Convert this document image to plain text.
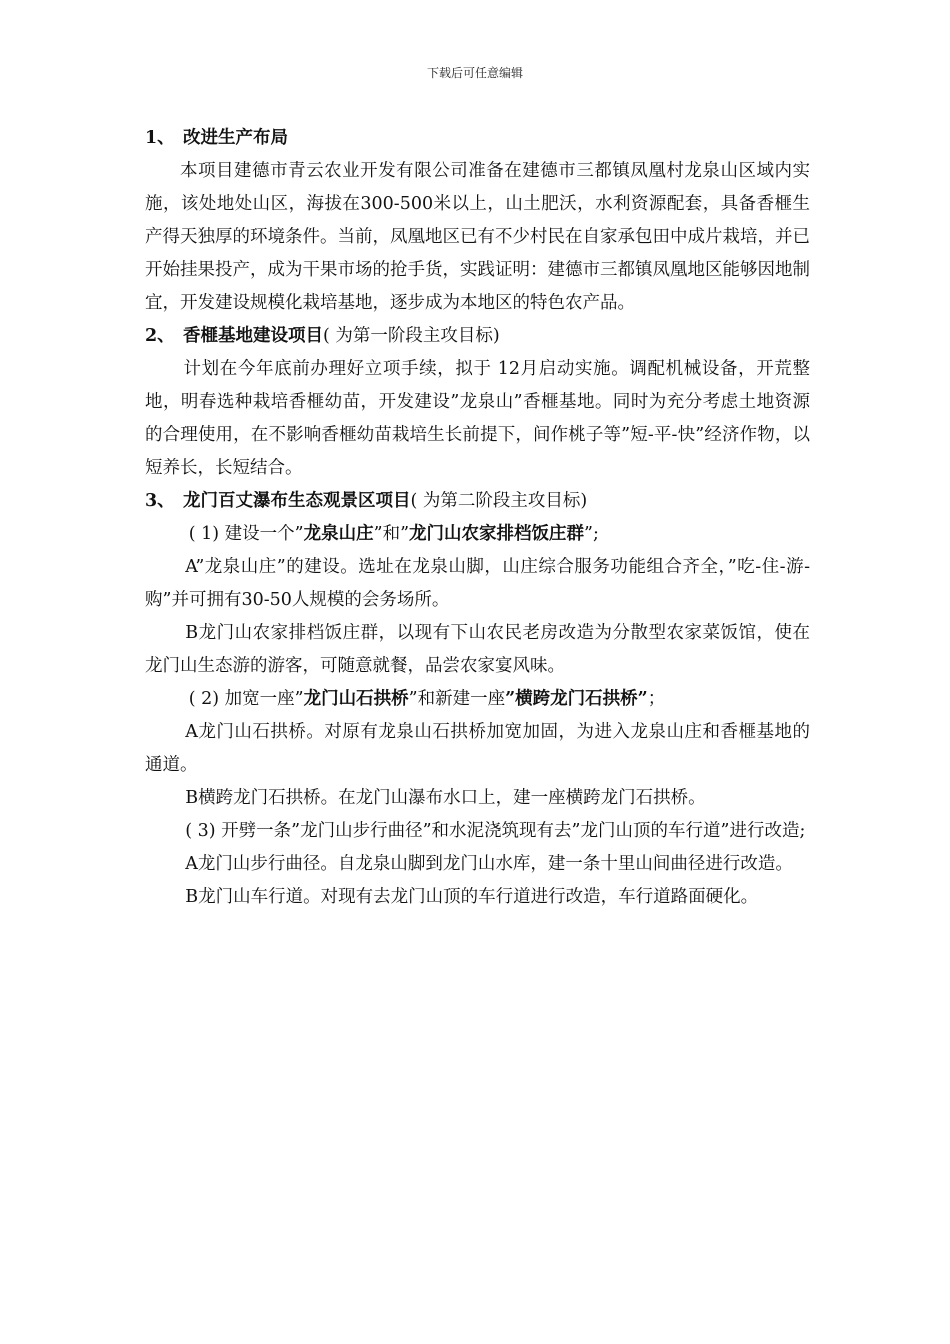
下载后可任意编辑
1、 改进生产布局

本项目建德市青云农业开发有限公司准备在建德市三都镇凤凰村龙泉山区域内实施，该处地处山区，海拔在300-500米以上，山土肥沃，水利资源配套，具备香榧生产得天独厚的环境条件。当前，凤凰地区已有不少村民在自家承包田中成片栽培，并已开始挂果投产，成为干果市场的抢手货，实践证明：建德市三都镇凤凰地区能够因地制宜，开发建设规模化栽培基地，逐步成为本地区的特色农产品。

2、 香榧基地建设项目 ( 为第一阶段主攻目标)

计划在今年底前办理好立项手续，拟于 12月启动实施。调配机械设备，开荒整地，明春选种栽培香榧幼苗，开发建设”龙泉山”香榧基地。同时为充分考虑土地资源的合理使用，在不影响香榧幼苗栽培生长前提下，间作桃子等”短-平-快”经济作物，以短养长，长短结合。

3、 龙门百丈瀑布生态观景区项目 ( 为第二阶段主攻目标)

( 1) 建设一个”龙泉山庄”和”龙门山农家排档饭庄群”;

A”龙泉山庄”的建设。选址在龙泉山脚，山庄综合服务功能组合齐全，”吃-住-游-购”并可拥有30-50人规模的会务场所。

B龙门山农家排档饭庄群，以现有下山农民老房改造为分散型农家菜饭馆，使在龙门山生态游的游客，可随意就餐，品尝农家宴风味。

( 2) 加宽一座”龙门山石拱桥”和新建一座”横跨龙门石拱桥”；

A龙门山石拱桥。对原有龙泉山石拱桥加宽加固，为进入龙泉山庄和香榧基地的通道。

B横跨龙门石拱桥。在龙门山瀑布水口上，建一座横跨龙门石拱桥。

( 3) 开劈一条”龙门山步行曲径”和水泥浇筑现有去”龙门山顶的车行道”进行改造;

A龙门山步行曲径。自龙泉山脚到龙门山水库，建一条十里山间曲径进行改造。

B龙门山车行道。对现有去龙门山顶的车行道进行改造，车行道路面硬化。
